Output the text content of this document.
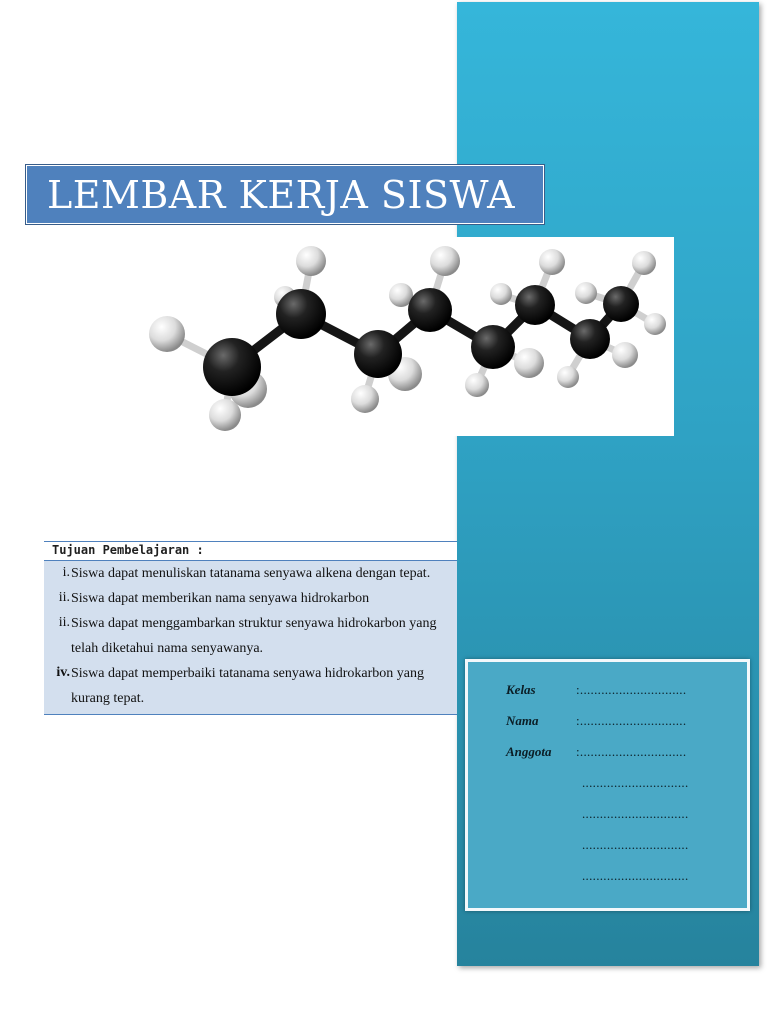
LEMBAR KERJA SISWA
Tujuan Pembelajaran :
i. Siswa dapat menuliskan tatanama senyawa alkena dengan tepat.
ii. Siswa dapat memberikan nama senyawa hidrokarbon
ii. Siswa dapat menggambarkan struktur senyawa hidrokarbon yang
telah diketahui nama senyawanya.
iv. Siswa dapat memperbaiki tatanama senyawa hidrokarbon yang
kurang tepat.
Kelas	:..............................
Nama	:..............................
Anggota :..............................
..............................
..............................
..............................
..............................
